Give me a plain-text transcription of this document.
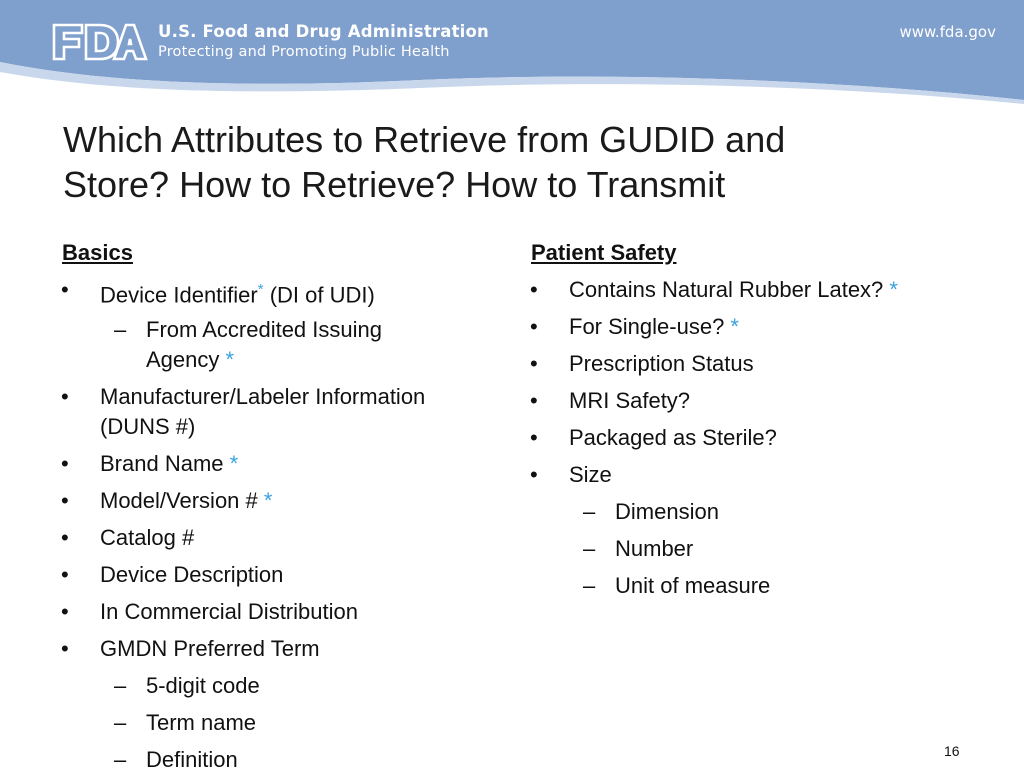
U.S. Food and Drug Administration
Protecting and Promoting Public Health
www.fda.gov
Which Attributes to Retrieve from GUDID and
Store? How to Retrieve? How to Transmit
Basics
• Device Identifier* (DI of UDI)
– From Accredited Issuing
Agency *
• Manufacturer/Labeler Information
(DUNS #)
• Brand Name *
• Model/Version # *
• Catalog #
• Device Description
• In Commercial Distribution
• GMDN Preferred Term
– 5-digit code
– Term name
– Definition
Patient Safety
• Contains Natural Rubber Latex? *
• For Single-use? *
• Prescription Status
• MRI Safety?
• Packaged as Sterile?
• Size
– Dimension
– Number
– Unit of measure
16
